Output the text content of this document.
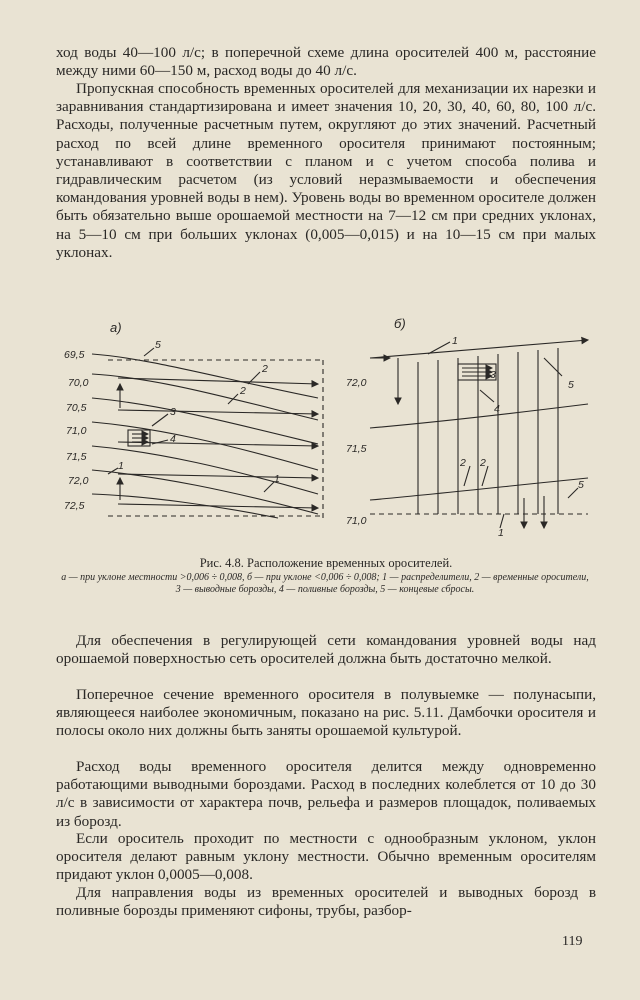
ход воды 40—100 л/с; в поперечной схеме длина оросителей 400 м, расстояние между ними 60—150 м, расход воды до 40 л/с.

Пропускная способность временных оросителей для механизации их нарезки и заравнивания стандартизирована и имеет значения 10, 20, 30, 40, 60, 80, 100 л/с. Расходы, полученные расчетным путем, округляют до этих значений. Расчетный расход по всей длине временного оросителя принимают постоянным; устанавливают в соответствии с планом и с учетом способа полива и гидравлическим расчетом (из условий неразмываемости и обеспечения командования уровней воды в нем). Уровень воды во временном оросителе должен быть обязательно выше орошаемой местности на 7—12 см при средних уклонах, на 5—10 см при больших уклонах (0,005—0,015) и на 10—15 см при малых уклонах.

а)
69,5
70,0
70,5
71,0
71,5
72,0
72,5
5
2
2
3
4
1
1
б)
72,0
71,5
71,0
1
3
4
5
2 2
5
1
Рис. 4.8. Расположение временных оросителей.
а — при уклоне местности >0,006 ÷ 0,008, б — при уклоне <0,006 ÷ 0,008; 1 — распределители, 2 — временные оросители, 3 — выводные борозды, 4 — поливные борозды, 5 — концевые сбросы.

Для обеспечения в регулирующей сети командования уровней воды над орошаемой поверхностью сеть оросителей должна быть достаточно мелкой.

Поперечное сечение временного оросителя в полувыемке — полунасыпи, являющееся наиболее экономичным, показано на рис. 5.11. Дамбочки оросителя и полосы около них должны быть заняты орошаемой культурой.

Расход воды временного оросителя делится между одновременно работающими выводными бороздами. Расход в последних колеблется от 10 до 30 л/с в зависимости от характера почв, рельефа и размеров площадок, поливаемых из борозд.

Если ороситель проходит по местности с однообразным уклоном, уклон оросителя делают равным уклону местности. Обычно временным оросителям придают уклон 0,0005—0,008.

Для направления воды из временных оросителей и выводных борозд в поливные борозды применяют сифоны, трубы, разбор-

119
